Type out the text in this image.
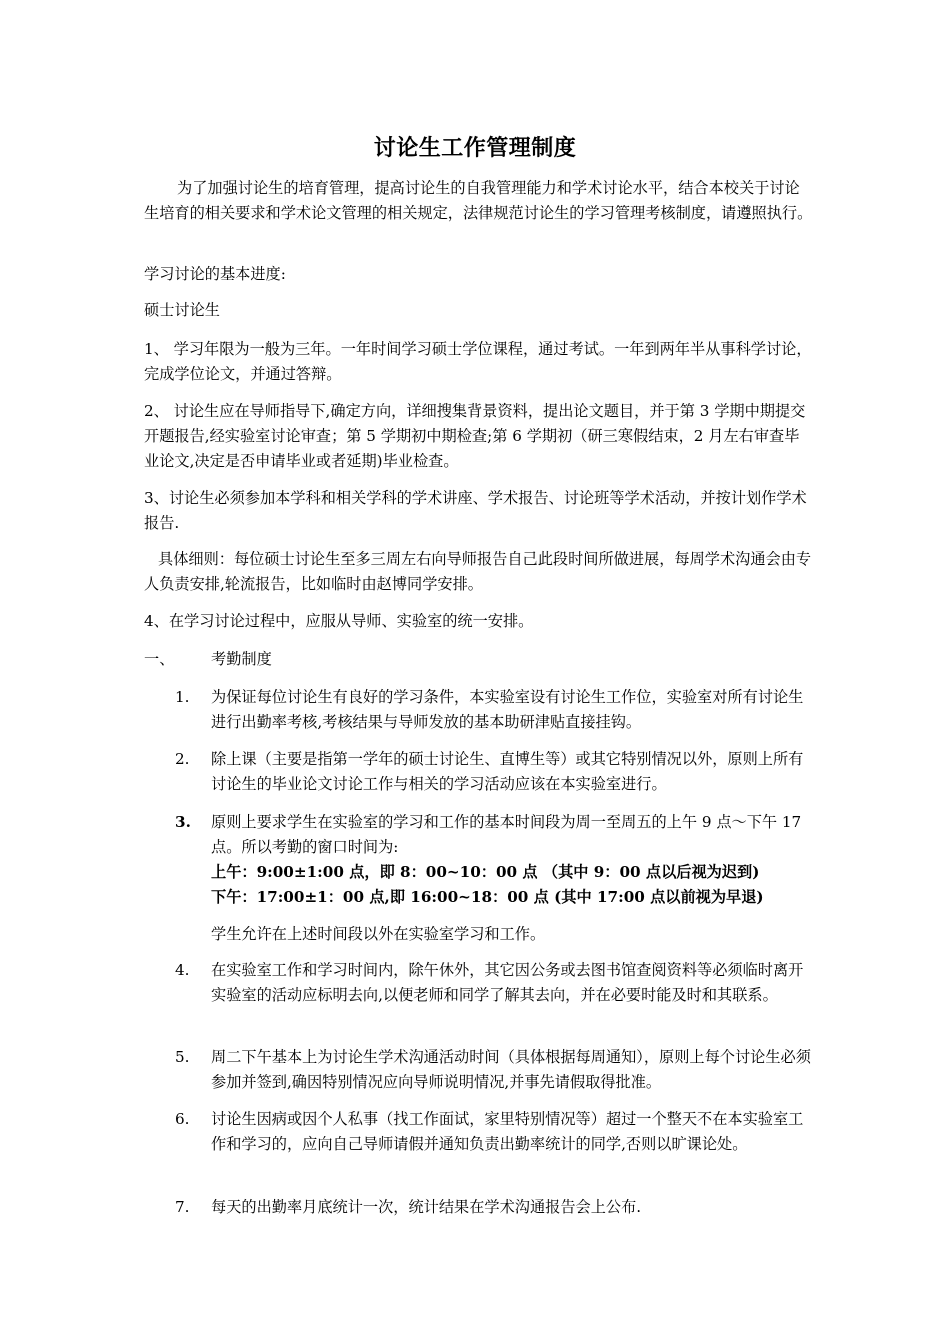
讨论生工作管理制度
为了加强讨论生的培育管理，提高讨论生的自我管理能力和学术讨论水平，结合本校关于讨论生培育的相关要求和学术论文管理的相关规定，法律规范讨论生的学习管理考核制度，请遵照执行。
学习讨论的基本进度:
硕士讨论生
1、 学习年限为一般为三年。一年时间学习硕士学位课程，通过考试。一年到两年半从事科学讨论，完成学位论文，并通过答辩。
2、 讨论生应在导师指导下,确定方向，详细搜集背景资料，提出论文题目，并于第 3 学期中期提交开题报告,经实验室讨论审查；第 5 学期初中期检查;第 6 学期初（研三寒假结束，2 月左右审查毕业论文,决定是否申请毕业或者延期)毕业检查。
3、讨论生必须参加本学科和相关学科的学术讲座、学术报告、讨论班等学术活动，并按计划作学术报告.
具体细则：每位硕士讨论生至多三周左右向导师报告自己此段时间所做进展，每周学术沟通会由专人负责安排,轮流报告，比如临时由赵博同学安排。
4、在学习讨论过程中，应服从导师、实验室的统一安排。
一、 考勤制度
1.	为保证每位讨论生有良好的学习条件，本实验室设有讨论生工作位，实验室对所有讨论生进行出勤率考核,考核结果与导师发放的基本助研津贴直接挂钩。
2.	除上课（主要是指第一学年的硕士讨论生、直博生等）或其它特别情况以外，原则上所有讨论生的毕业论文讨论工作与相关的学习活动应该在本实验室进行。
3.	原则上要求学生在实验室的学习和工作的基本时间段为周一至周五的上午 9 点～下午 17 点。所以考勤的窗口时间为:
上午：9:00±1:00 点，即 8：00~10：00 点 （其中 9：00 点以后视为迟到)
下午：17:00±1：00 点,即 16:00~18：00 点 (其中 17:00 点以前视为早退)
学生允许在上述时间段以外在实验室学习和工作。
4.	在实验室工作和学习时间内，除午休外，其它因公务或去图书馆查阅资料等必须临时离开实验室的活动应标明去向,以便老师和同学了解其去向，并在必要时能及时和其联系。
5.	周二下午基本上为讨论生学术沟通活动时间（具体根据每周通知），原则上每个讨论生必须参加并签到,确因特别情况应向导师说明情况,并事先请假取得批准。
6.	讨论生因病或因个人私事（找工作面试，家里特别情况等）超过一个整天不在本实验室工作和学习的，应向自己导师请假并通知负责出勤率统计的同学,否则以旷课论处。
7.	每天的出勤率月底统计一次，统计结果在学术沟通报告会上公布.
